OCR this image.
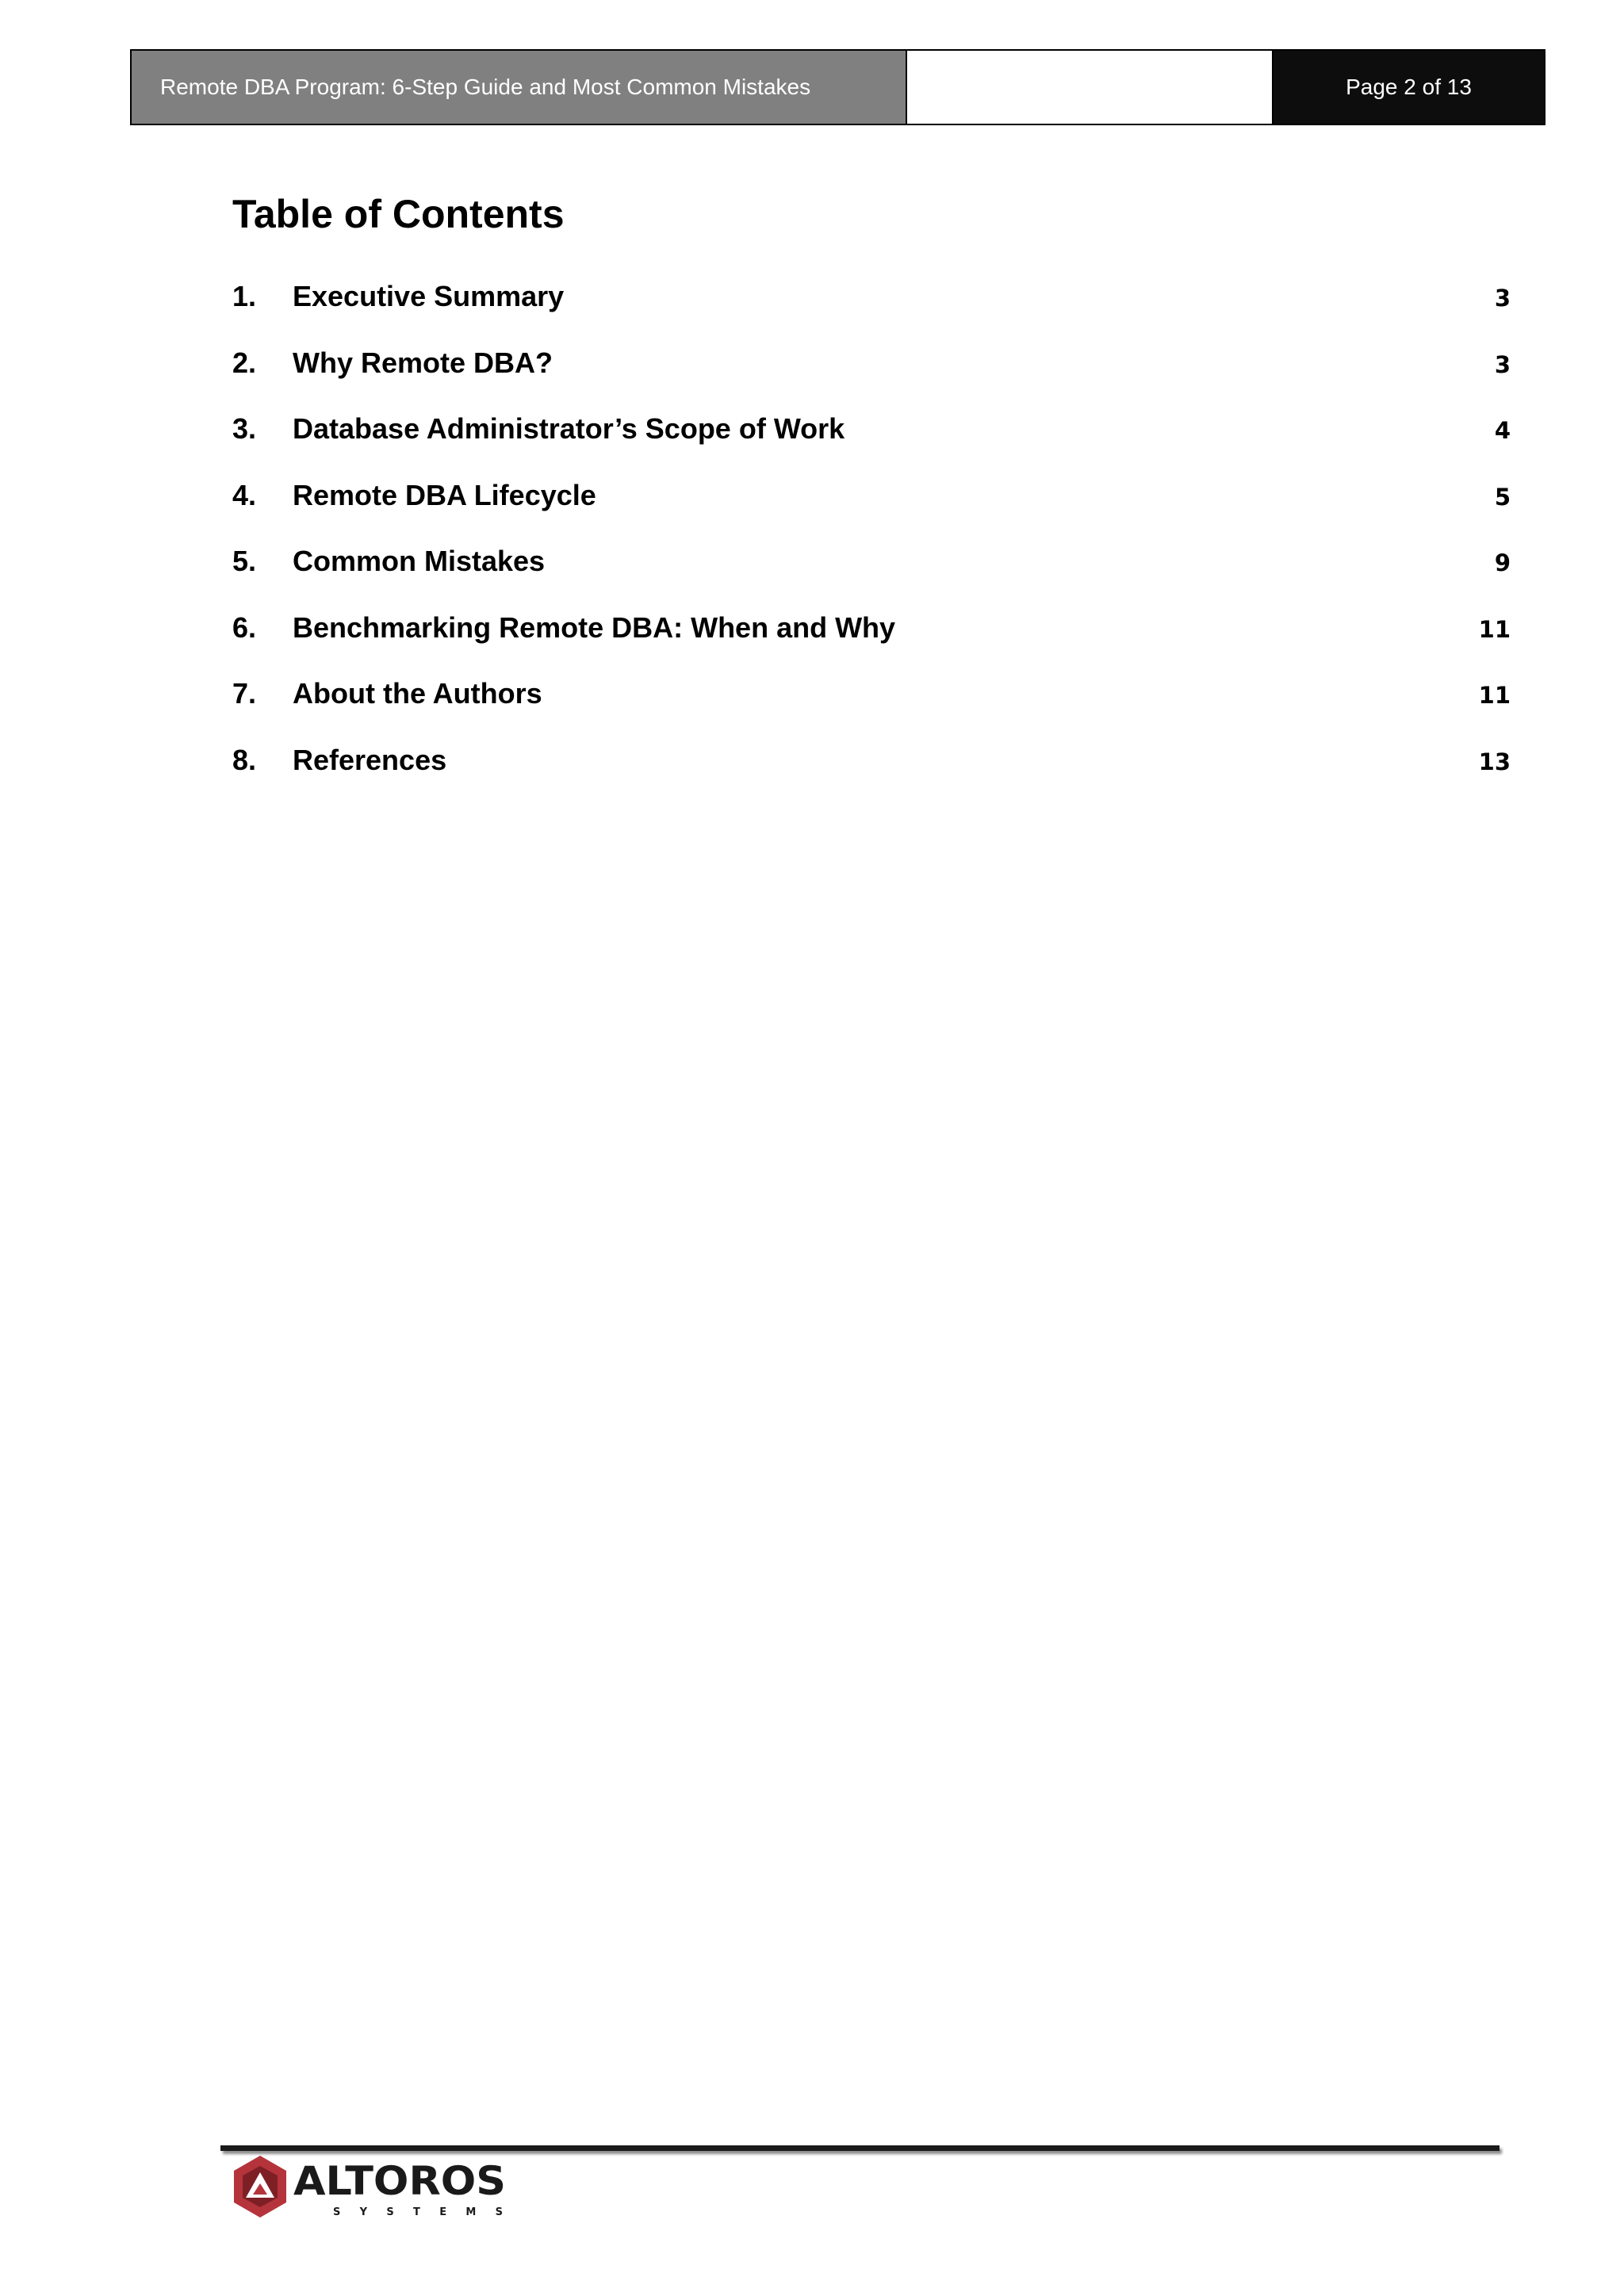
Remote DBA Program: 6-Step Guide and Most Common Mistakes	Page 2 of 13
Table of Contents
1.	Executive Summary	3
2.	Why Remote DBA?	3
3.	Database Administrator’s Scope of Work	4
4.	Remote DBA Lifecycle	5
5.	Common Mistakes	9
6.	Benchmarking Remote DBA: When and Why	11
7.	About the Authors	11
8.	References	13
ALTOROS
S Y S T E M S
